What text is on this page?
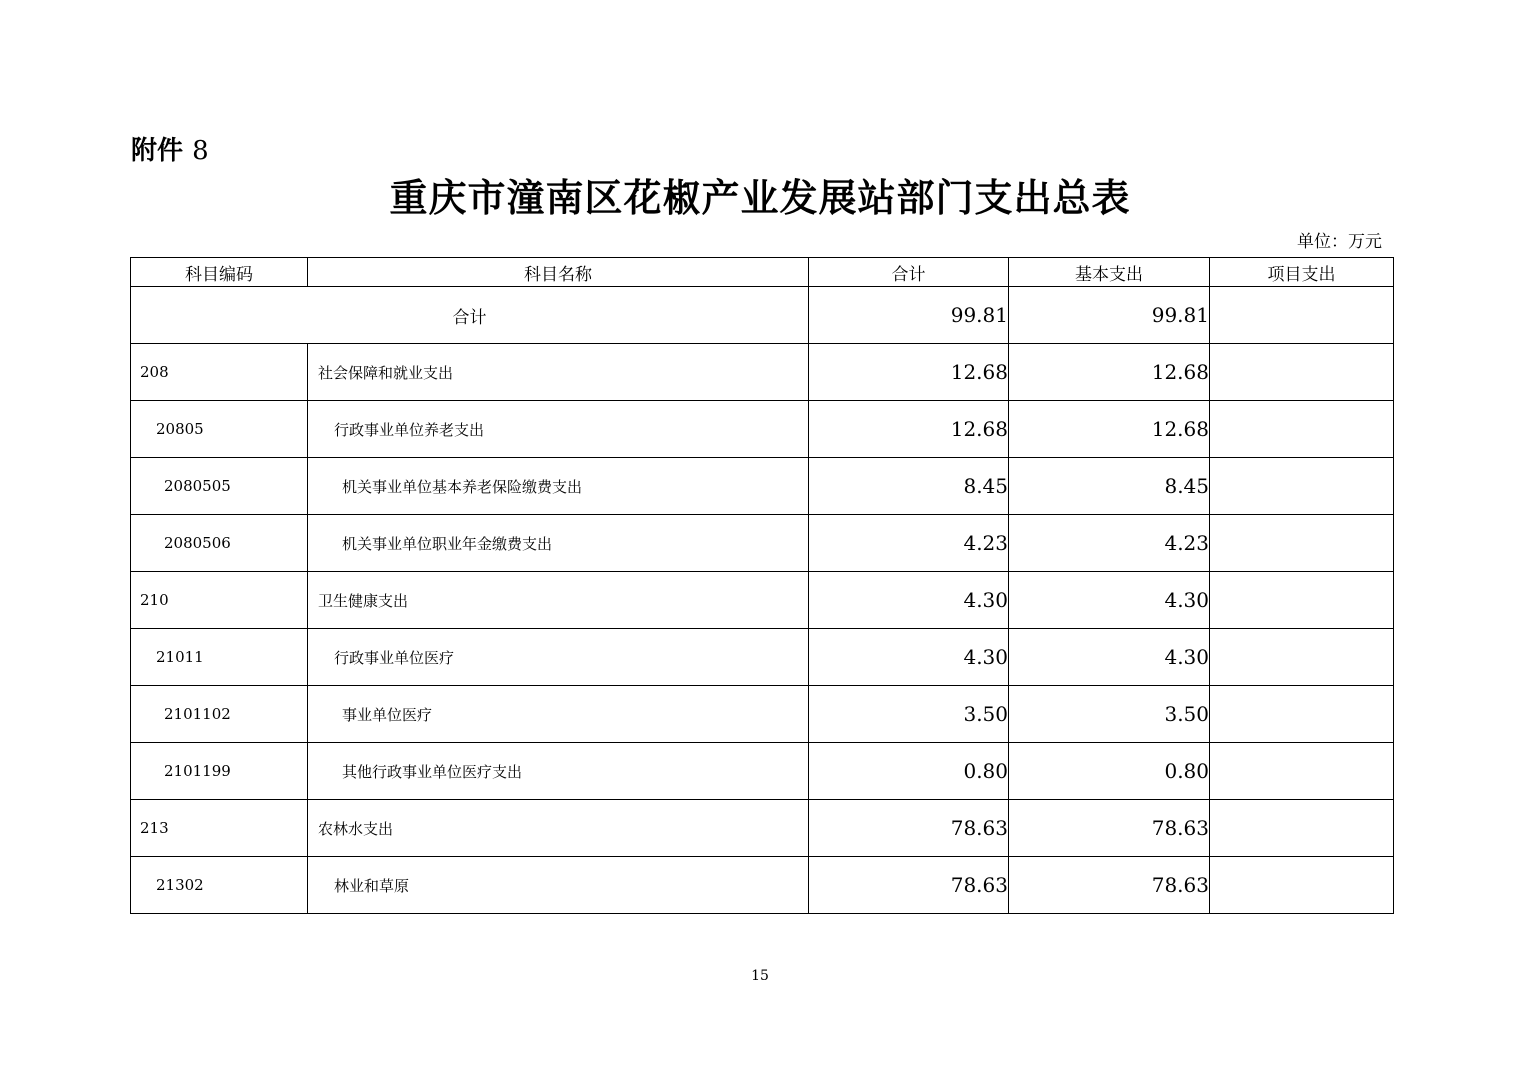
附件 8
重庆市潼南区花椒产业发展站部门支出总表
单位：万元
科目编码	科目名称	合计	基本支出	项目支出
合计		99.81	99.81	
208	社会保障和就业支出	12.68	12.68	
20805	行政事业单位养老支出	12.68	12.68	
2080505	机关事业单位基本养老保险缴费支出	8.45	8.45	
2080506	机关事业单位职业年金缴费支出	4.23	4.23	
210	卫生健康支出	4.30	4.30	
21011	行政事业单位医疗	4.30	4.30	
2101102	事业单位医疗	3.50	3.50	
2101199	其他行政事业单位医疗支出	0.80	0.80	
213	农林水支出	78.63	78.63	
21302	林业和草原	78.63	78.63	
15
